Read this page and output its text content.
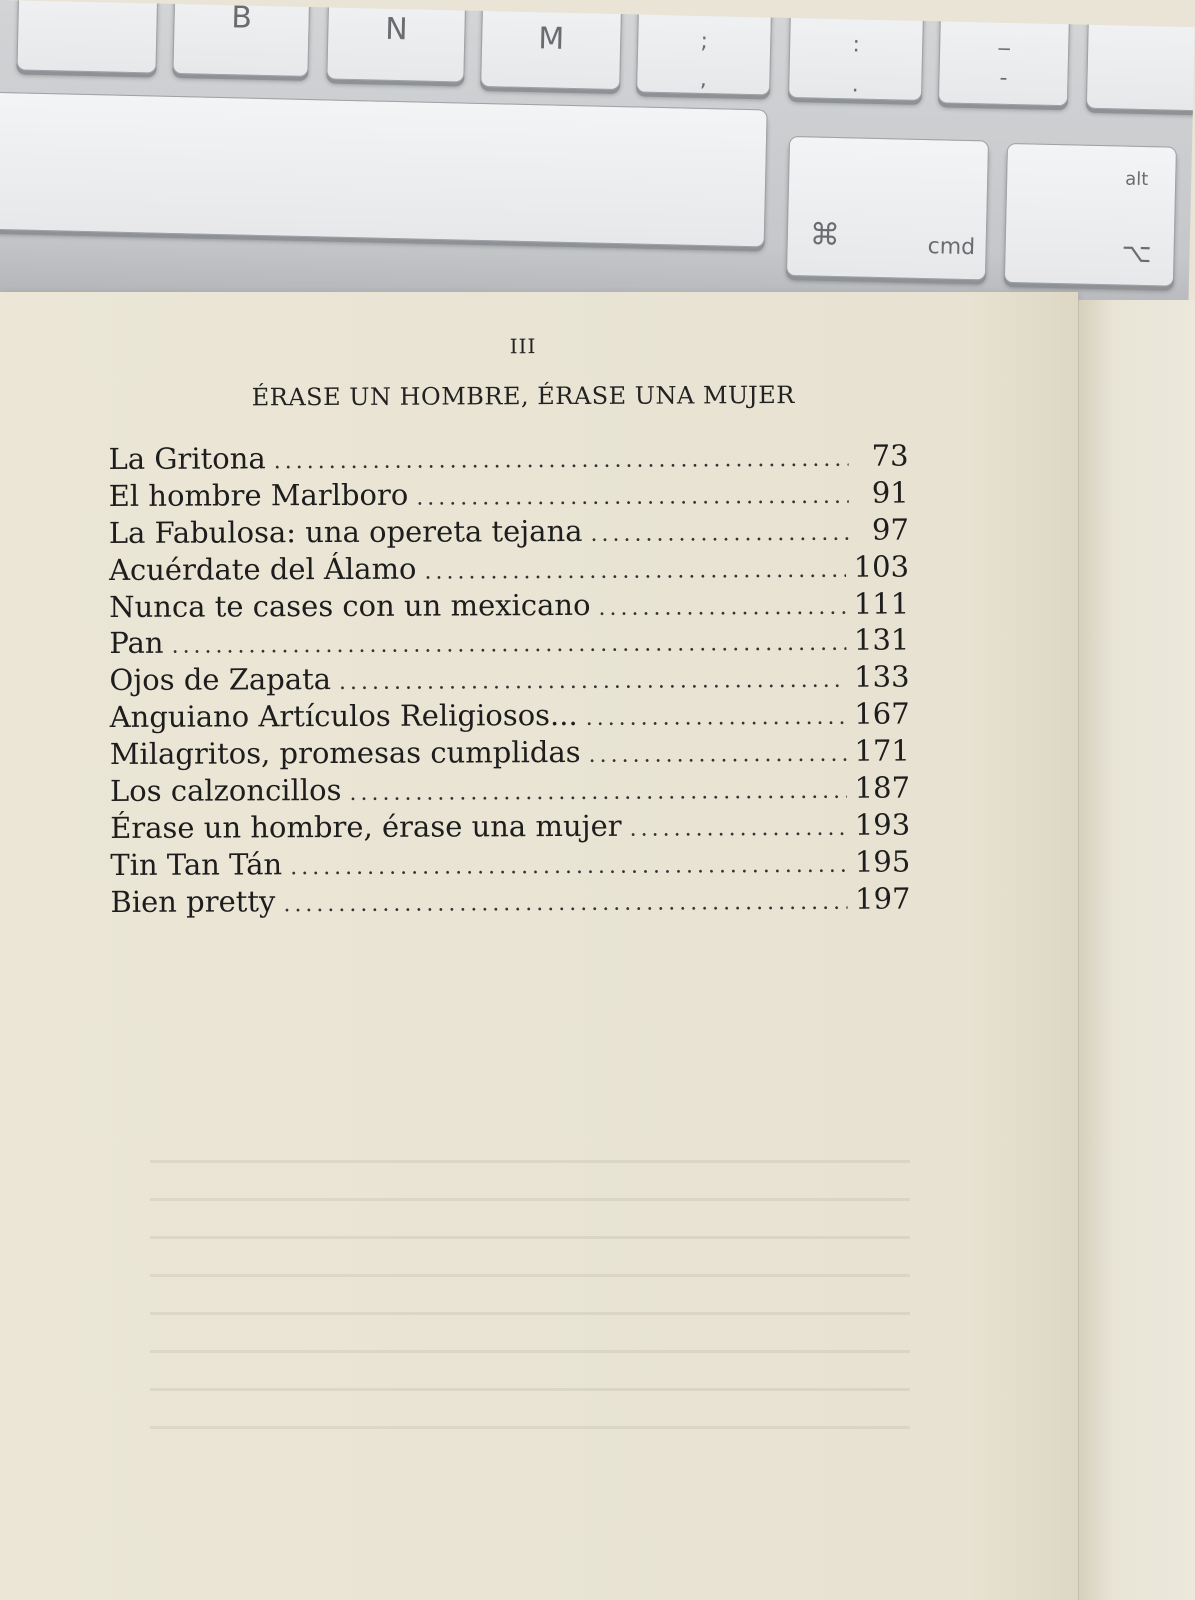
B	N	M	;
,
:
.
_
-
⌘	cmd
alt
⌥

III

ÉRASE UN HOMBRE, ÉRASE UNA MUJER

La Gritona .....	73
El hombre Marlboro .....	91
La Fabulosa: una opereta tejana .....	97
Acuérdate del Álamo .....	103
Nunca te cases con un mexicano .....	111
Pan .....	131
Ojos de Zapata .....	133
Anguiano Artículos Religiosos... .....	167
Milagritos, promesas cumplidas .....	171
Los calzoncillos .....	187
Érase un hombre, érase una mujer .....	193
Tin Tan Tán .....	195
Bien pretty .....	197
